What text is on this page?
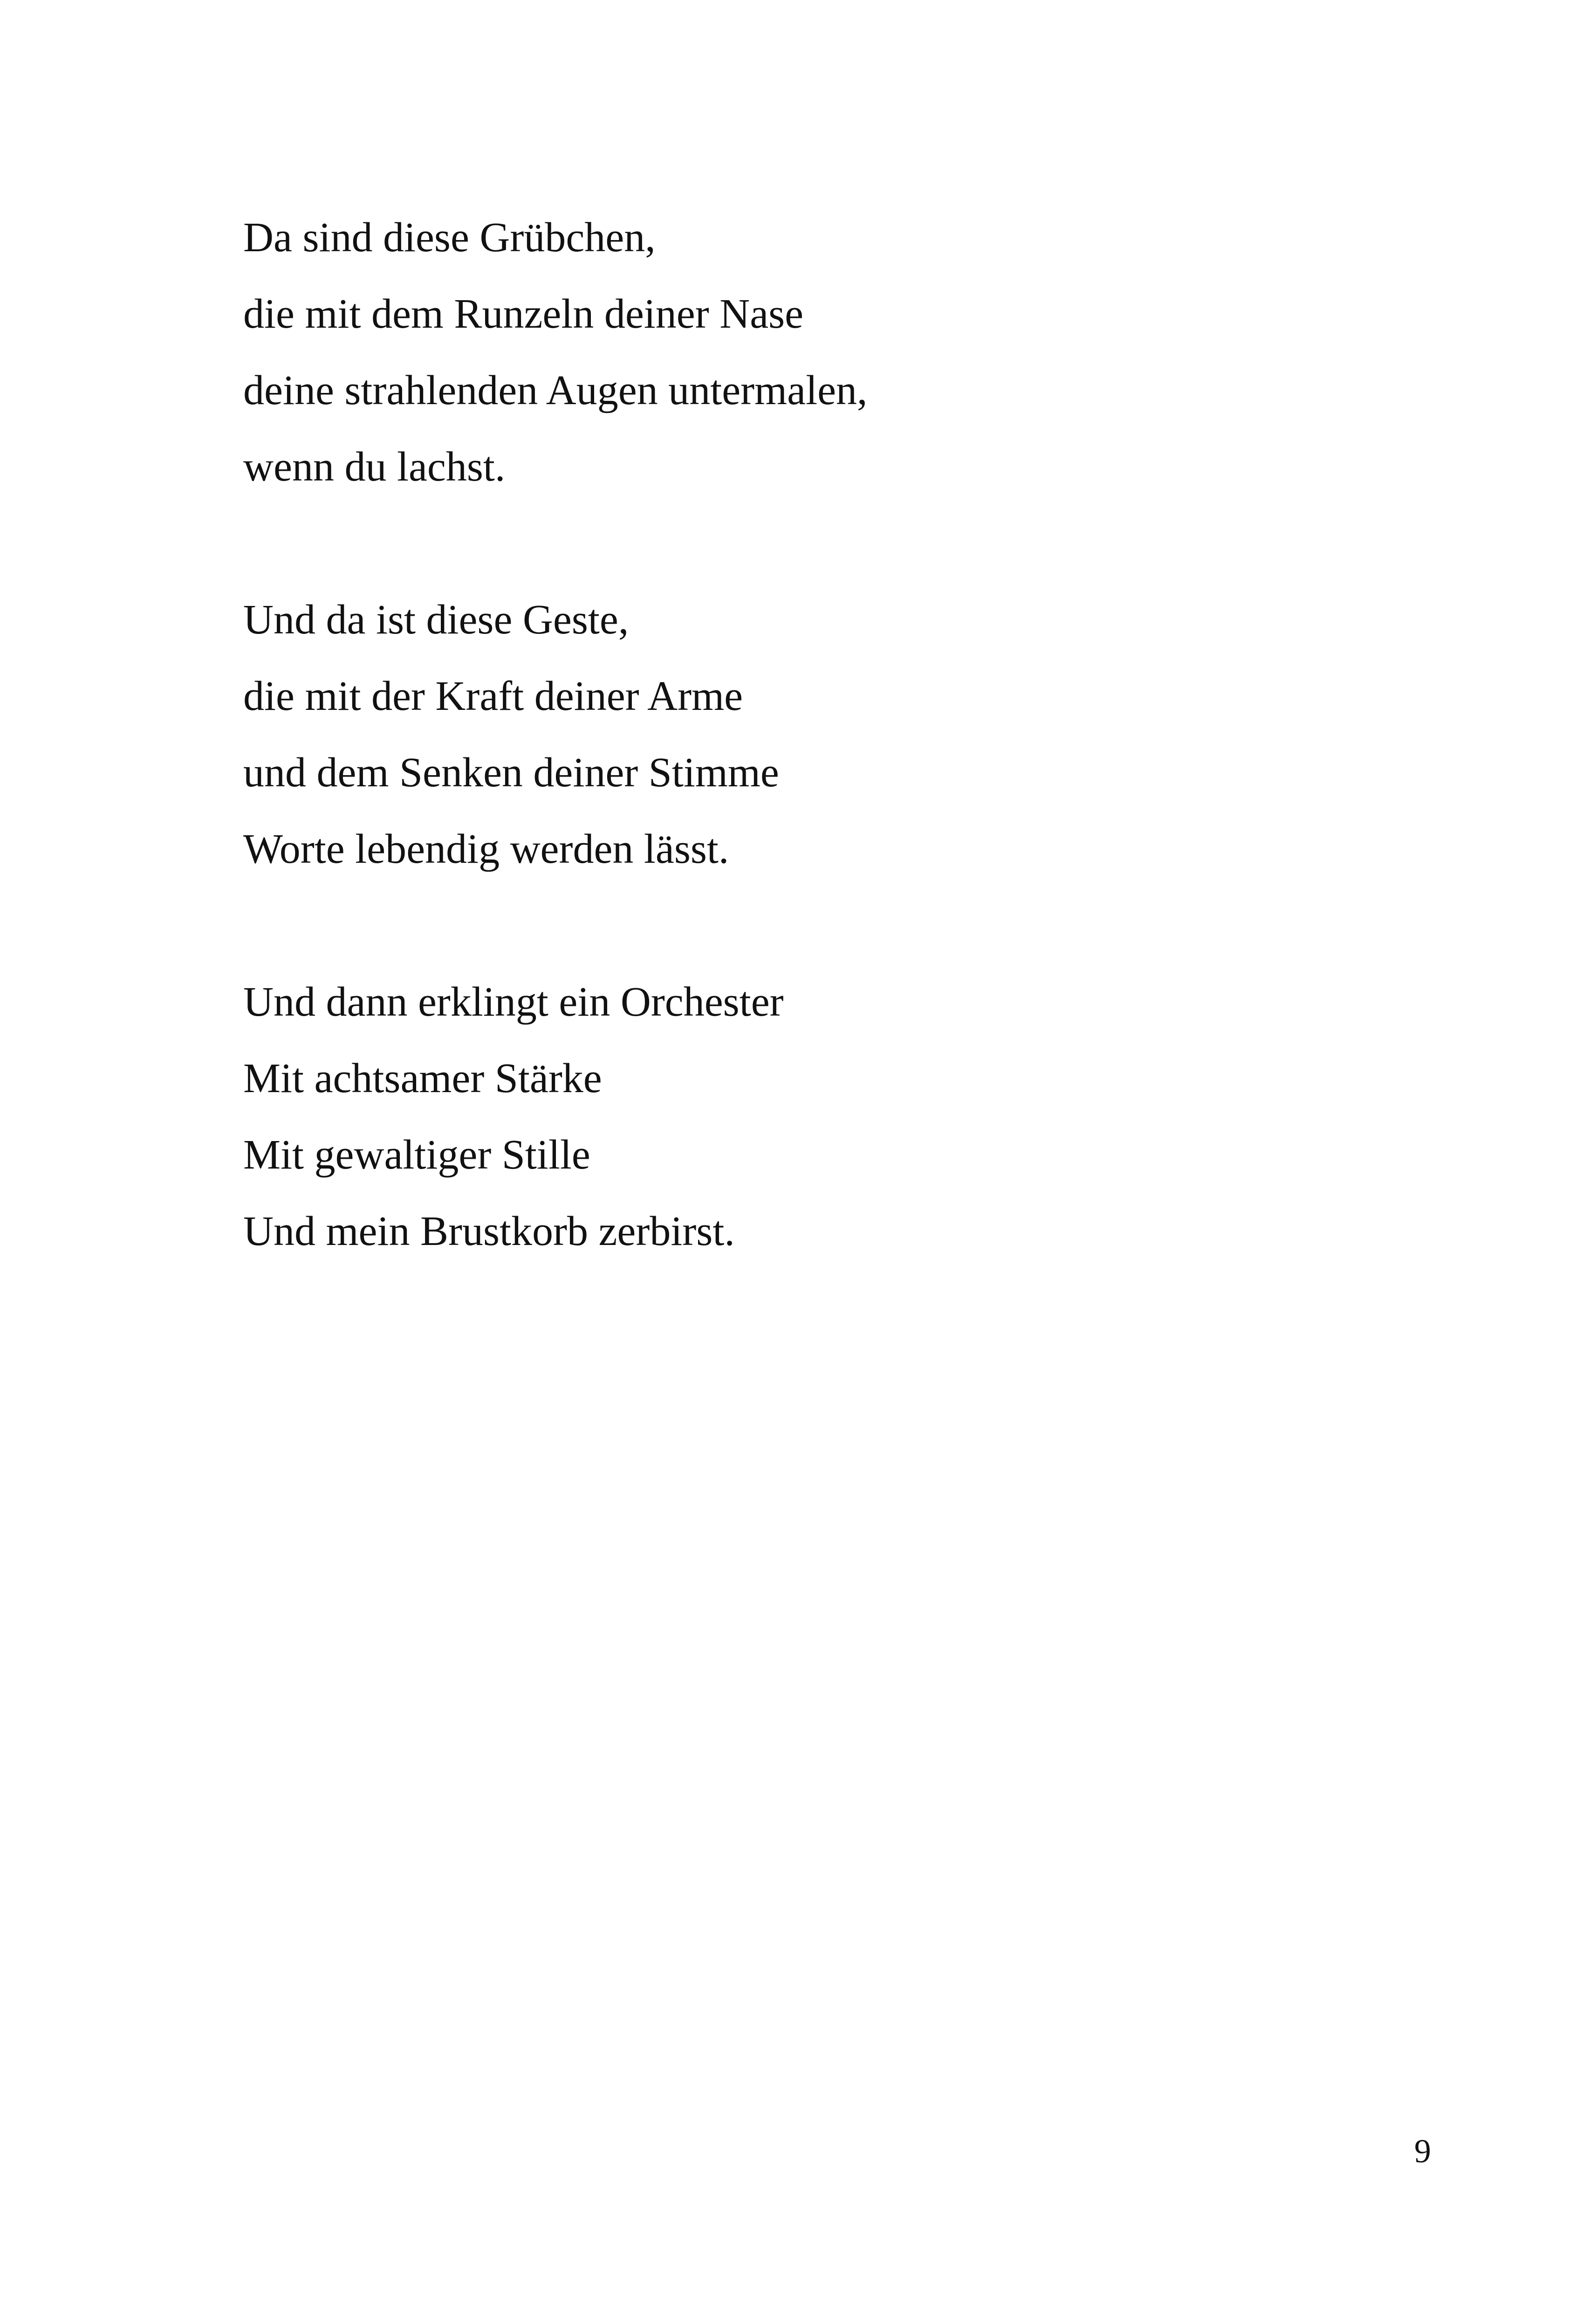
Da sind diese Grübchen,
die mit dem Runzeln deiner Nase
deine strahlenden Augen untermalen,
wenn du lachst.
Und da ist diese Geste,
die mit der Kraft deiner Arme
und dem Senken deiner Stimme
Worte lebendig werden lässt.
Und dann erklingt ein Orchester
Mit achtsamer Stärke
Mit gewaltiger Stille
Und mein Brustkorb zerbirst.
9
